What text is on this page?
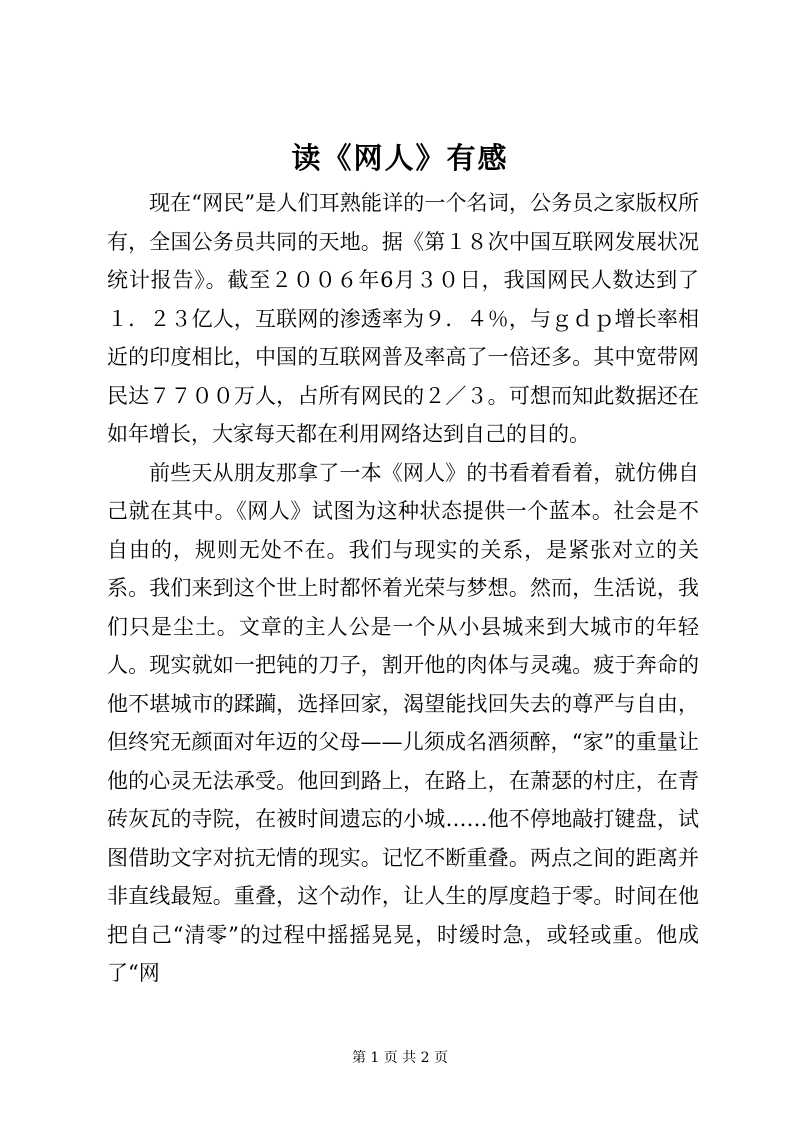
读《网人》有感

现在“网民”是人们耳熟能详的一个名词，公务员之家版权所有，全国公务员共同的天地。据《第１８次中国互联网发展状况统计报告》。截至２００６年6月３０日，我国网民人数达到了１．２３亿人，互联网的渗透率为９．４％，与ｇｄｐ增长率相近的印度相比，中国的互联网普及率高了一倍还多。其中宽带网民达７７００万人，占所有网民的２／３。可想而知此数据还在如年增长，大家每天都在利用网络达到自己的目的。

前些天从朋友那拿了一本《网人》的书看着看着，就仿佛自己就在其中。《网人》试图为这种状态提供一个蓝本。社会是不自由的，规则无处不在。我们与现实的关系，是紧张对立的关系。我们来到这个世上时都怀着光荣与梦想。然而，生活说，我们只是尘土。文章的主人公是一个从小县城来到大城市的年轻人。现实就如一把钝的刀子，割开他的肉体与灵魂。疲于奔命的他不堪城市的蹂躏，选择回家，渴望能找回失去的尊严与自由，但终究无颜面对年迈的父母——儿须成名酒须醉，“家”的重量让他的心灵无法承受。他回到路上，在路上，在萧瑟的村庄，在青砖灰瓦的寺院，在被时间遗忘的小城……他不停地敲打键盘，试图借助文字对抗无情的现实。记忆不断重叠。两点之间的距离并非直线最短。重叠，这个动作，让人生的厚度趋于零。时间在他把自己“清零”的过程中摇摇晃晃，时缓时急，或轻或重。他成了“网

第 1 页 共 2 页
